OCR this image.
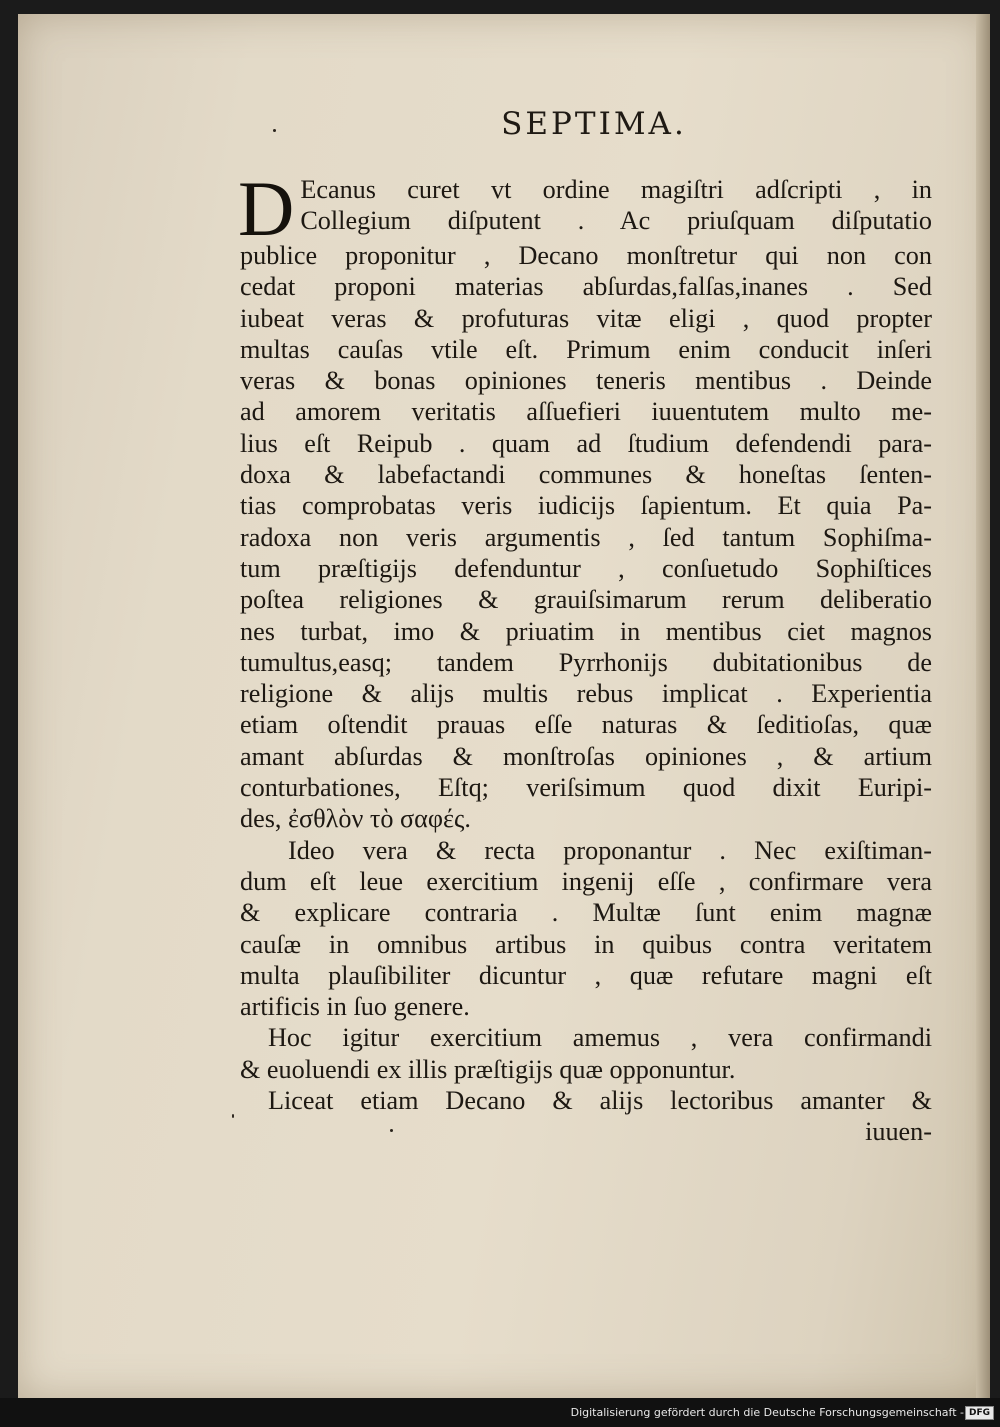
SEPTIMA.
D Ecanus curet vt ordine magiſtri adſcripti , in
Collegium diſputent . Ac priuſquam diſputatio
publice proponitur , Decano monſtretur qui non con
cedat proponi materias abſurdas,falſas,inanes . Sed
iubeat veras & profuturas vitæ eligi , quod propter
multas cauſas vtile eſt. Primum enim conducit inſeri
veras & bonas opiniones teneris mentibus . Deinde
ad amorem veritatis aſſuefieri iuuentutem multo me-
lius eſt Reipub . quam ad ſtudium defendendi para-
doxa & labefactandi communes & honeſtas ſenten-
tias comprobatas veris iudicijs ſapientum. Et quia Pa-
radoxa non veris argumentis , ſed tantum Sophiſma-
tum præſtigijs defenduntur , conſuetudo Sophiſtices
poſtea religiones & grauiſsimarum rerum deliberatio
nes turbat, imo & priuatim in mentibus ciet magnos
tumultus,easq; tandem Pyrrhonijs dubitationibus de
religione & alijs multis rebus implicat . Experientia
etiam oſtendit prauas eſſe naturas & ſeditioſas, quæ
amant abſurdas & monſtroſas opiniones , & artium
conturbationes, Eſtq; veriſsimum quod dixit Euripi-
des, ἐσθλὸν τὸ σαφές.
Ideo vera & recta proponantur . Nec exiſtiman-
dum eſt leue exercitium ingenij eſſe , confirmare vera
& explicare contraria . Multæ ſunt enim magnæ
cauſæ in omnibus artibus in quibus contra veritatem
multa plauſibiliter dicuntur , quæ refutare magni eſt
artificis in ſuo genere.
Hoc igitur exercitium amemus , vera confirmandi
& euoluendi ex illis præſtigijs quæ opponuntur.
Liceat etiam Decano & alijs lectoribus amanter &
iuuen-
Digitalisierung gefördert durch die Deutsche Forschungsgemeinschaft - DFG
